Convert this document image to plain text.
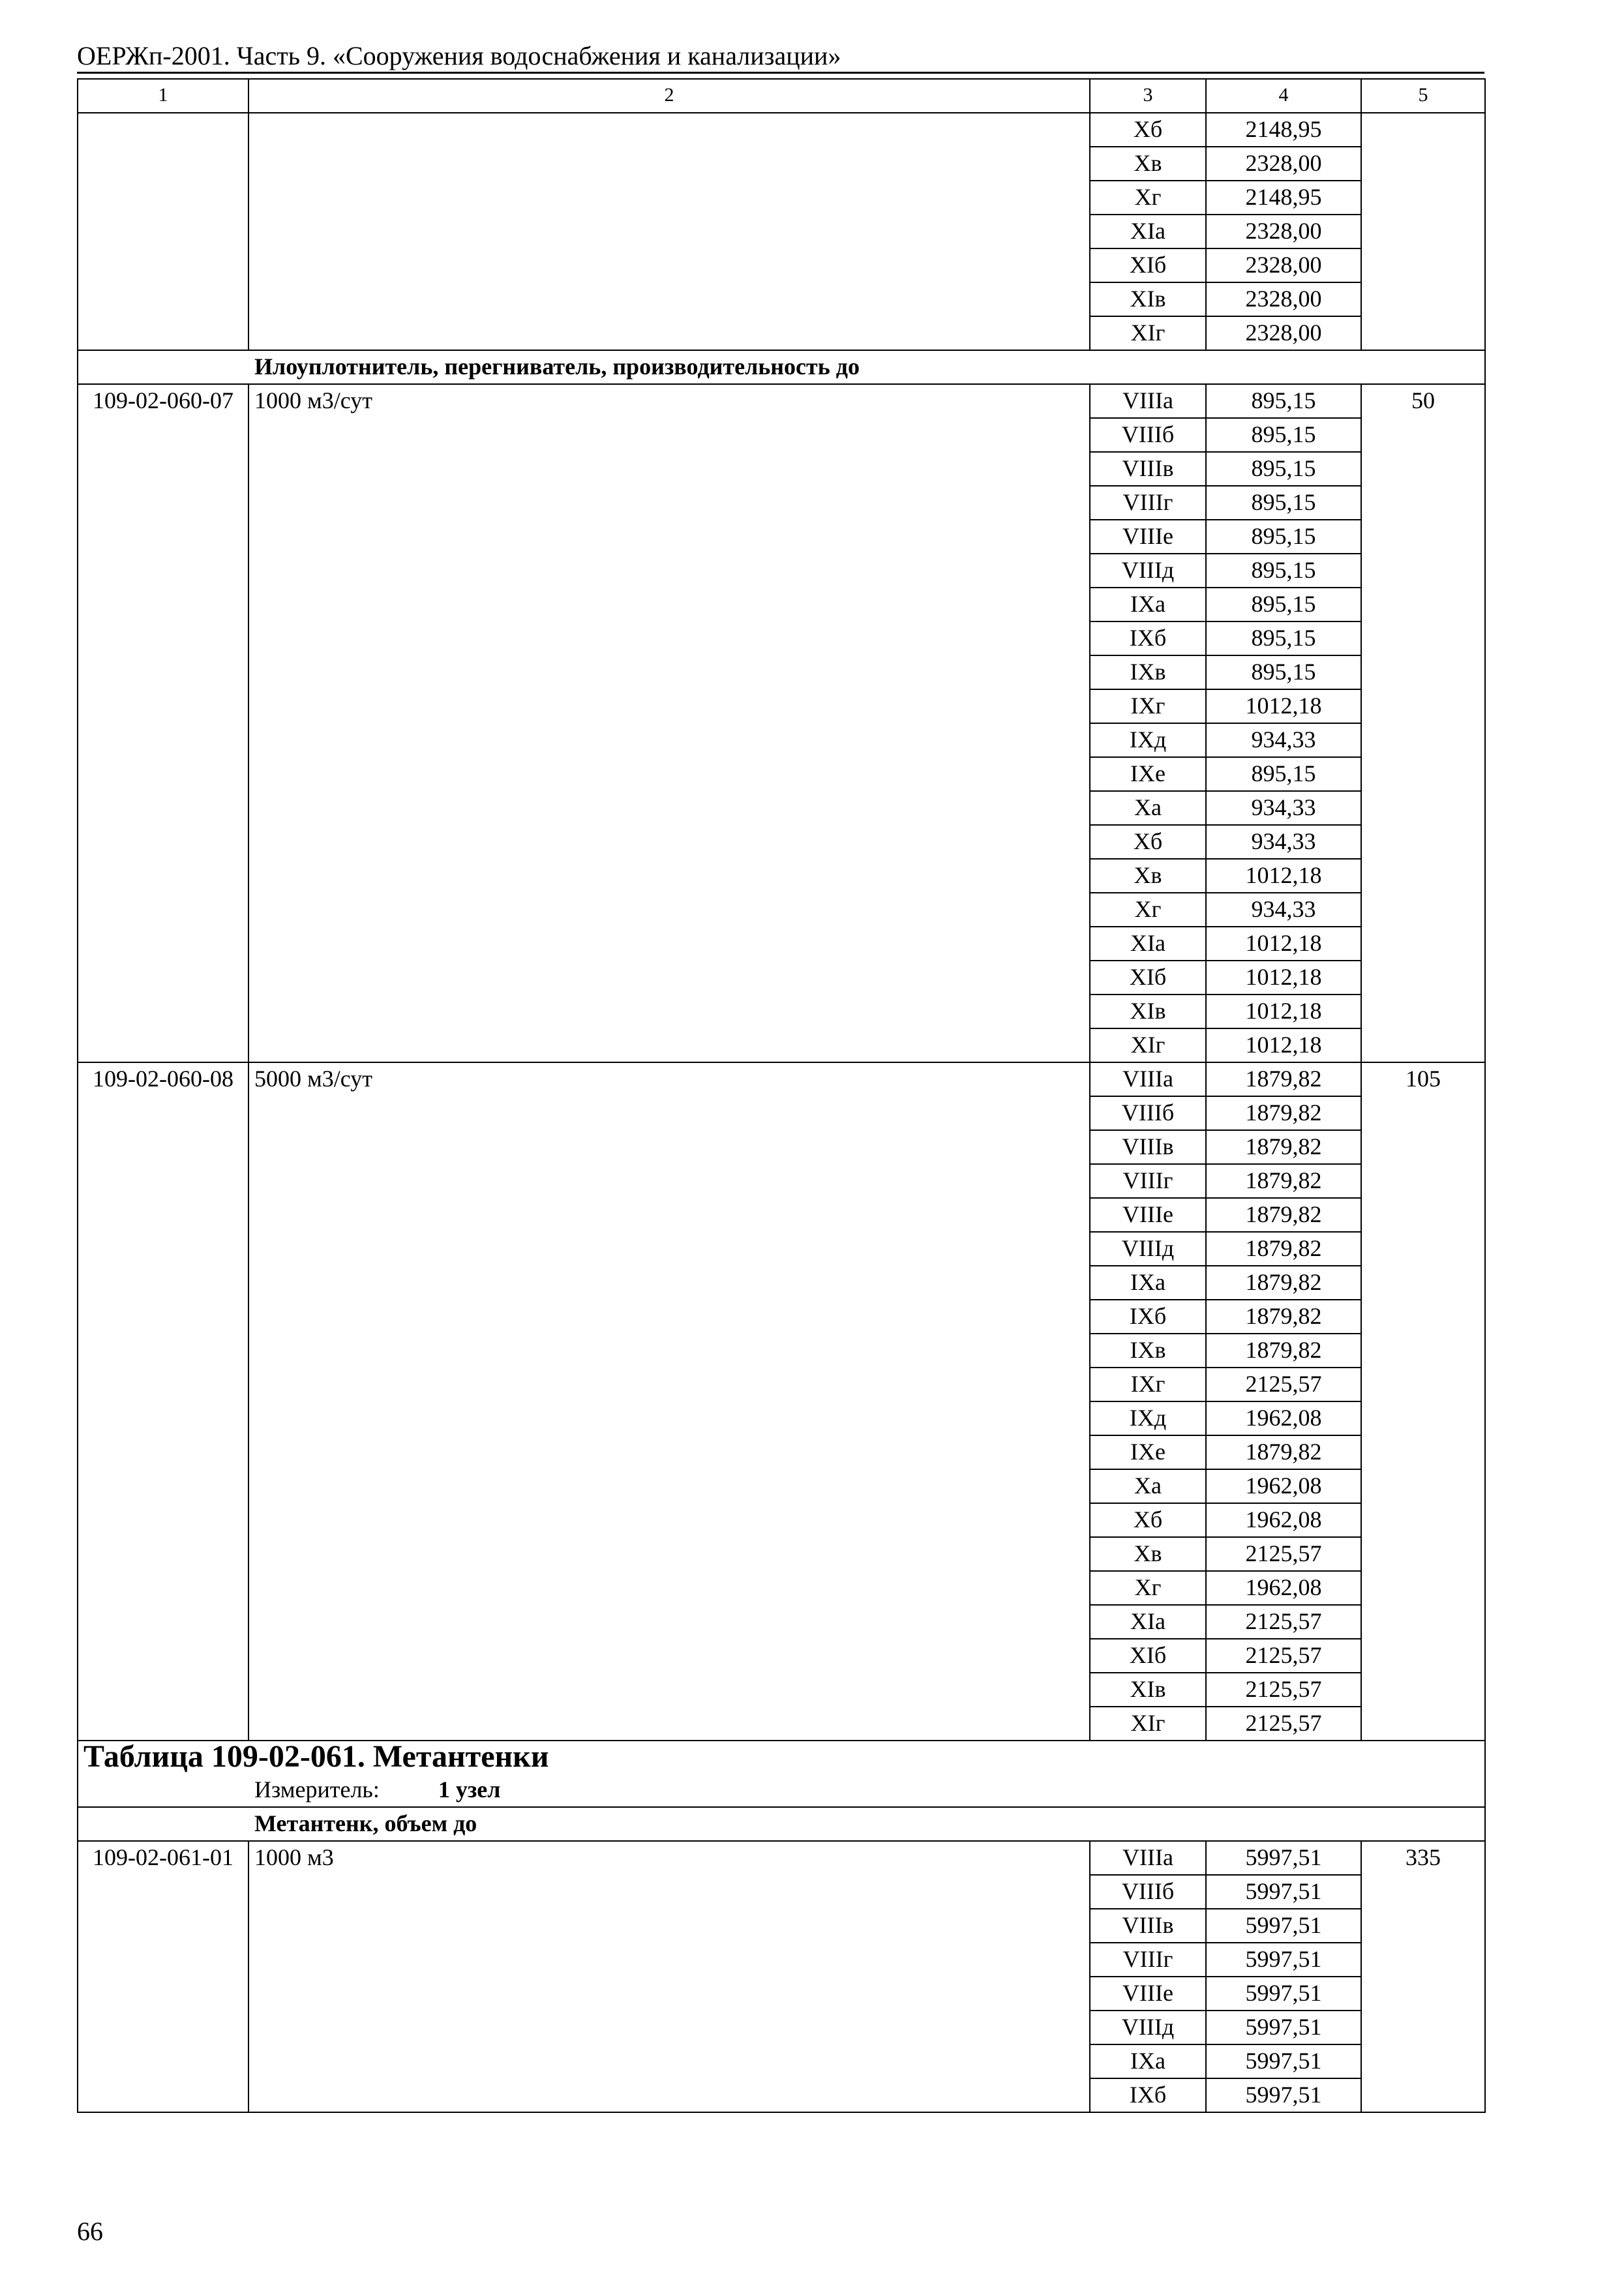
ОЕРЖп-2001. Часть 9. «Сооружения водоснабжения и канализации»
1	2	3	4	5
		Хб	2148,95	
		Хв	2328,00	
		Хг	2148,95	
		ХIа	2328,00	
		ХIб	2328,00	
		ХIв	2328,00	
		ХIг	2328,00	
Илоуплотнитель, перегниватель, производительность до				
109-02-060-07	1000 м3/сут	VIIIа	895,15	50
		VIIIб	895,15	
		VIIIв	895,15	
		VIIIг	895,15	
		VIIIе	895,15	
		VIIIд	895,15	
		IХа	895,15	
		IХб	895,15	
		IХв	895,15	
		IХг	1012,18	
		IХд	934,33	
		IХе	895,15	
		Ха	934,33	
		Хб	934,33	
		Хв	1012,18	
		Хг	934,33	
		ХIа	1012,18	
		ХIб	1012,18	
		ХIв	1012,18	
		ХIг	1012,18	
109-02-060-08	5000 м3/сут	VIIIа	1879,82	105
		VIIIб	1879,82	
		VIIIв	1879,82	
		VIIIг	1879,82	
		VIIIе	1879,82	
		VIIIд	1879,82	
		IХа	1879,82	
		IХб	1879,82	
		IХв	1879,82	
		IХг	2125,57	
		IХд	1962,08	
		IХе	1879,82	
		Ха	1962,08	
		Хб	1962,08	
		Хв	2125,57	
		Хг	1962,08	
		ХIа	2125,57	
		ХIб	2125,57	
		ХIв	2125,57	
		ХIг	2125,57	
Таблица 109-02-061. Метантенки				
Измеритель: 1 узел				
Метантенк, объем до				
109-02-061-01	1000 м3	VIIIа	5997,51	335
		VIIIб	5997,51	
		VIIIв	5997,51	
		VIIIг	5997,51	
		VIIIе	5997,51	
		VIIIд	5997,51	
		IХа	5997,51	
		IХб	5997,51	
66
